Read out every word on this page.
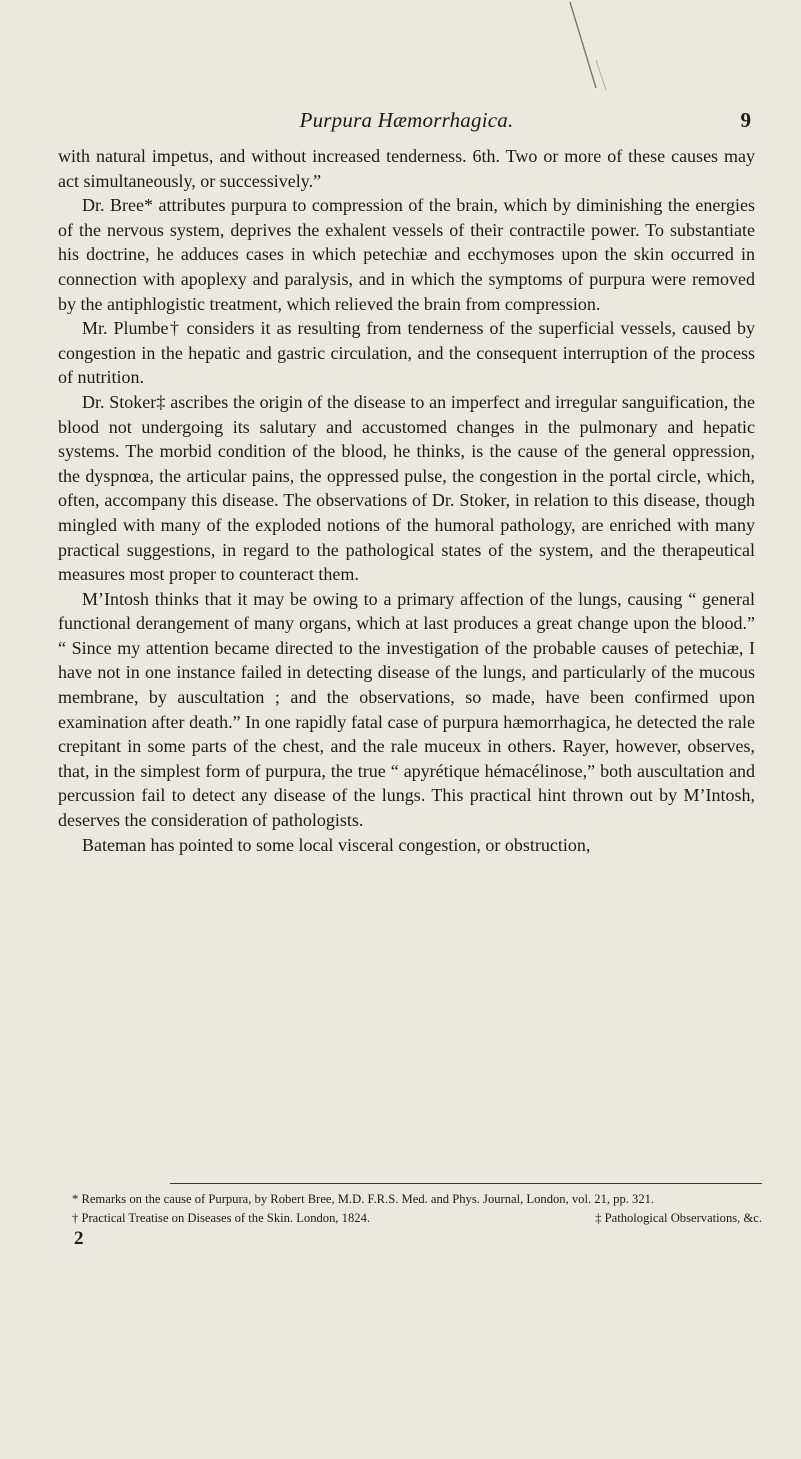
Purpura Hæmorrhagica.	9

with natural impetus, and without increased tenderness. 6th. Two or more of these causes may act simultaneously, or successively.”

Dr. Bree* attributes purpura to compression of the brain, which by diminishing the energies of the nervous system, deprives the exhalent vessels of their contractile power. To substantiate his doctrine, he adduces cases in which petechiæ and ecchymoses upon the skin occurred in connection with apoplexy and paralysis, and in which the symptoms of purpura were removed by the antiphlogistic treatment, which relieved the brain from compression.

Mr. Plumbe† considers it as resulting from tenderness of the superficial vessels, caused by congestion in the hepatic and gastric circulation, and the consequent interruption of the process of nutrition.

Dr. Stoker‡ ascribes the origin of the disease to an imperfect and irregular sanguification, the blood not undergoing its salutary and accustomed changes in the pulmonary and hepatic systems. The morbid condition of the blood, he thinks, is the cause of the general oppression, the dyspnœa, the articular pains, the oppressed pulse, the congestion in the portal circle, which, often, accompany this disease. The observations of Dr. Stoker, in relation to this disease, though mingled with many of the exploded notions of the humoral pathology, are enriched with many practical suggestions, in regard to the pathological states of the system, and the therapeutical measures most proper to counteract them.

M’Intosh thinks that it may be owing to a primary affection of the lungs, causing “ general functional derangement of many organs, which at last produces a great change upon the blood.” “ Since my attention became directed to the investigation of the probable causes of petechiæ, I have not in one instance failed in detecting disease of the lungs, and particularly of the mucous membrane, by auscultation ; and the observations, so made, have been confirmed upon examination after death.” In one rapidly fatal case of purpura hæmorrhagica, he detected the rale crepitant in some parts of the chest, and the rale muceux in others. Rayer, however, observes, that, in the simplest form of purpura, the true “ apyrétique hémacélinose,” both auscultation and percussion fail to detect any disease of the lungs. This practical hint thrown out by M’Intosh, deserves the consideration of pathologists.

Bateman has pointed to some local visceral congestion, or obstruction,

* Remarks on the cause of Purpura, by Robert Bree, M.D. F.R.S. Med. and Phys. Journal, London, vol. 21, pp. 321.

† Practical Treatise on Diseases of the Skin. London, 1824.	‡ Pathological Observations, &c.
2
